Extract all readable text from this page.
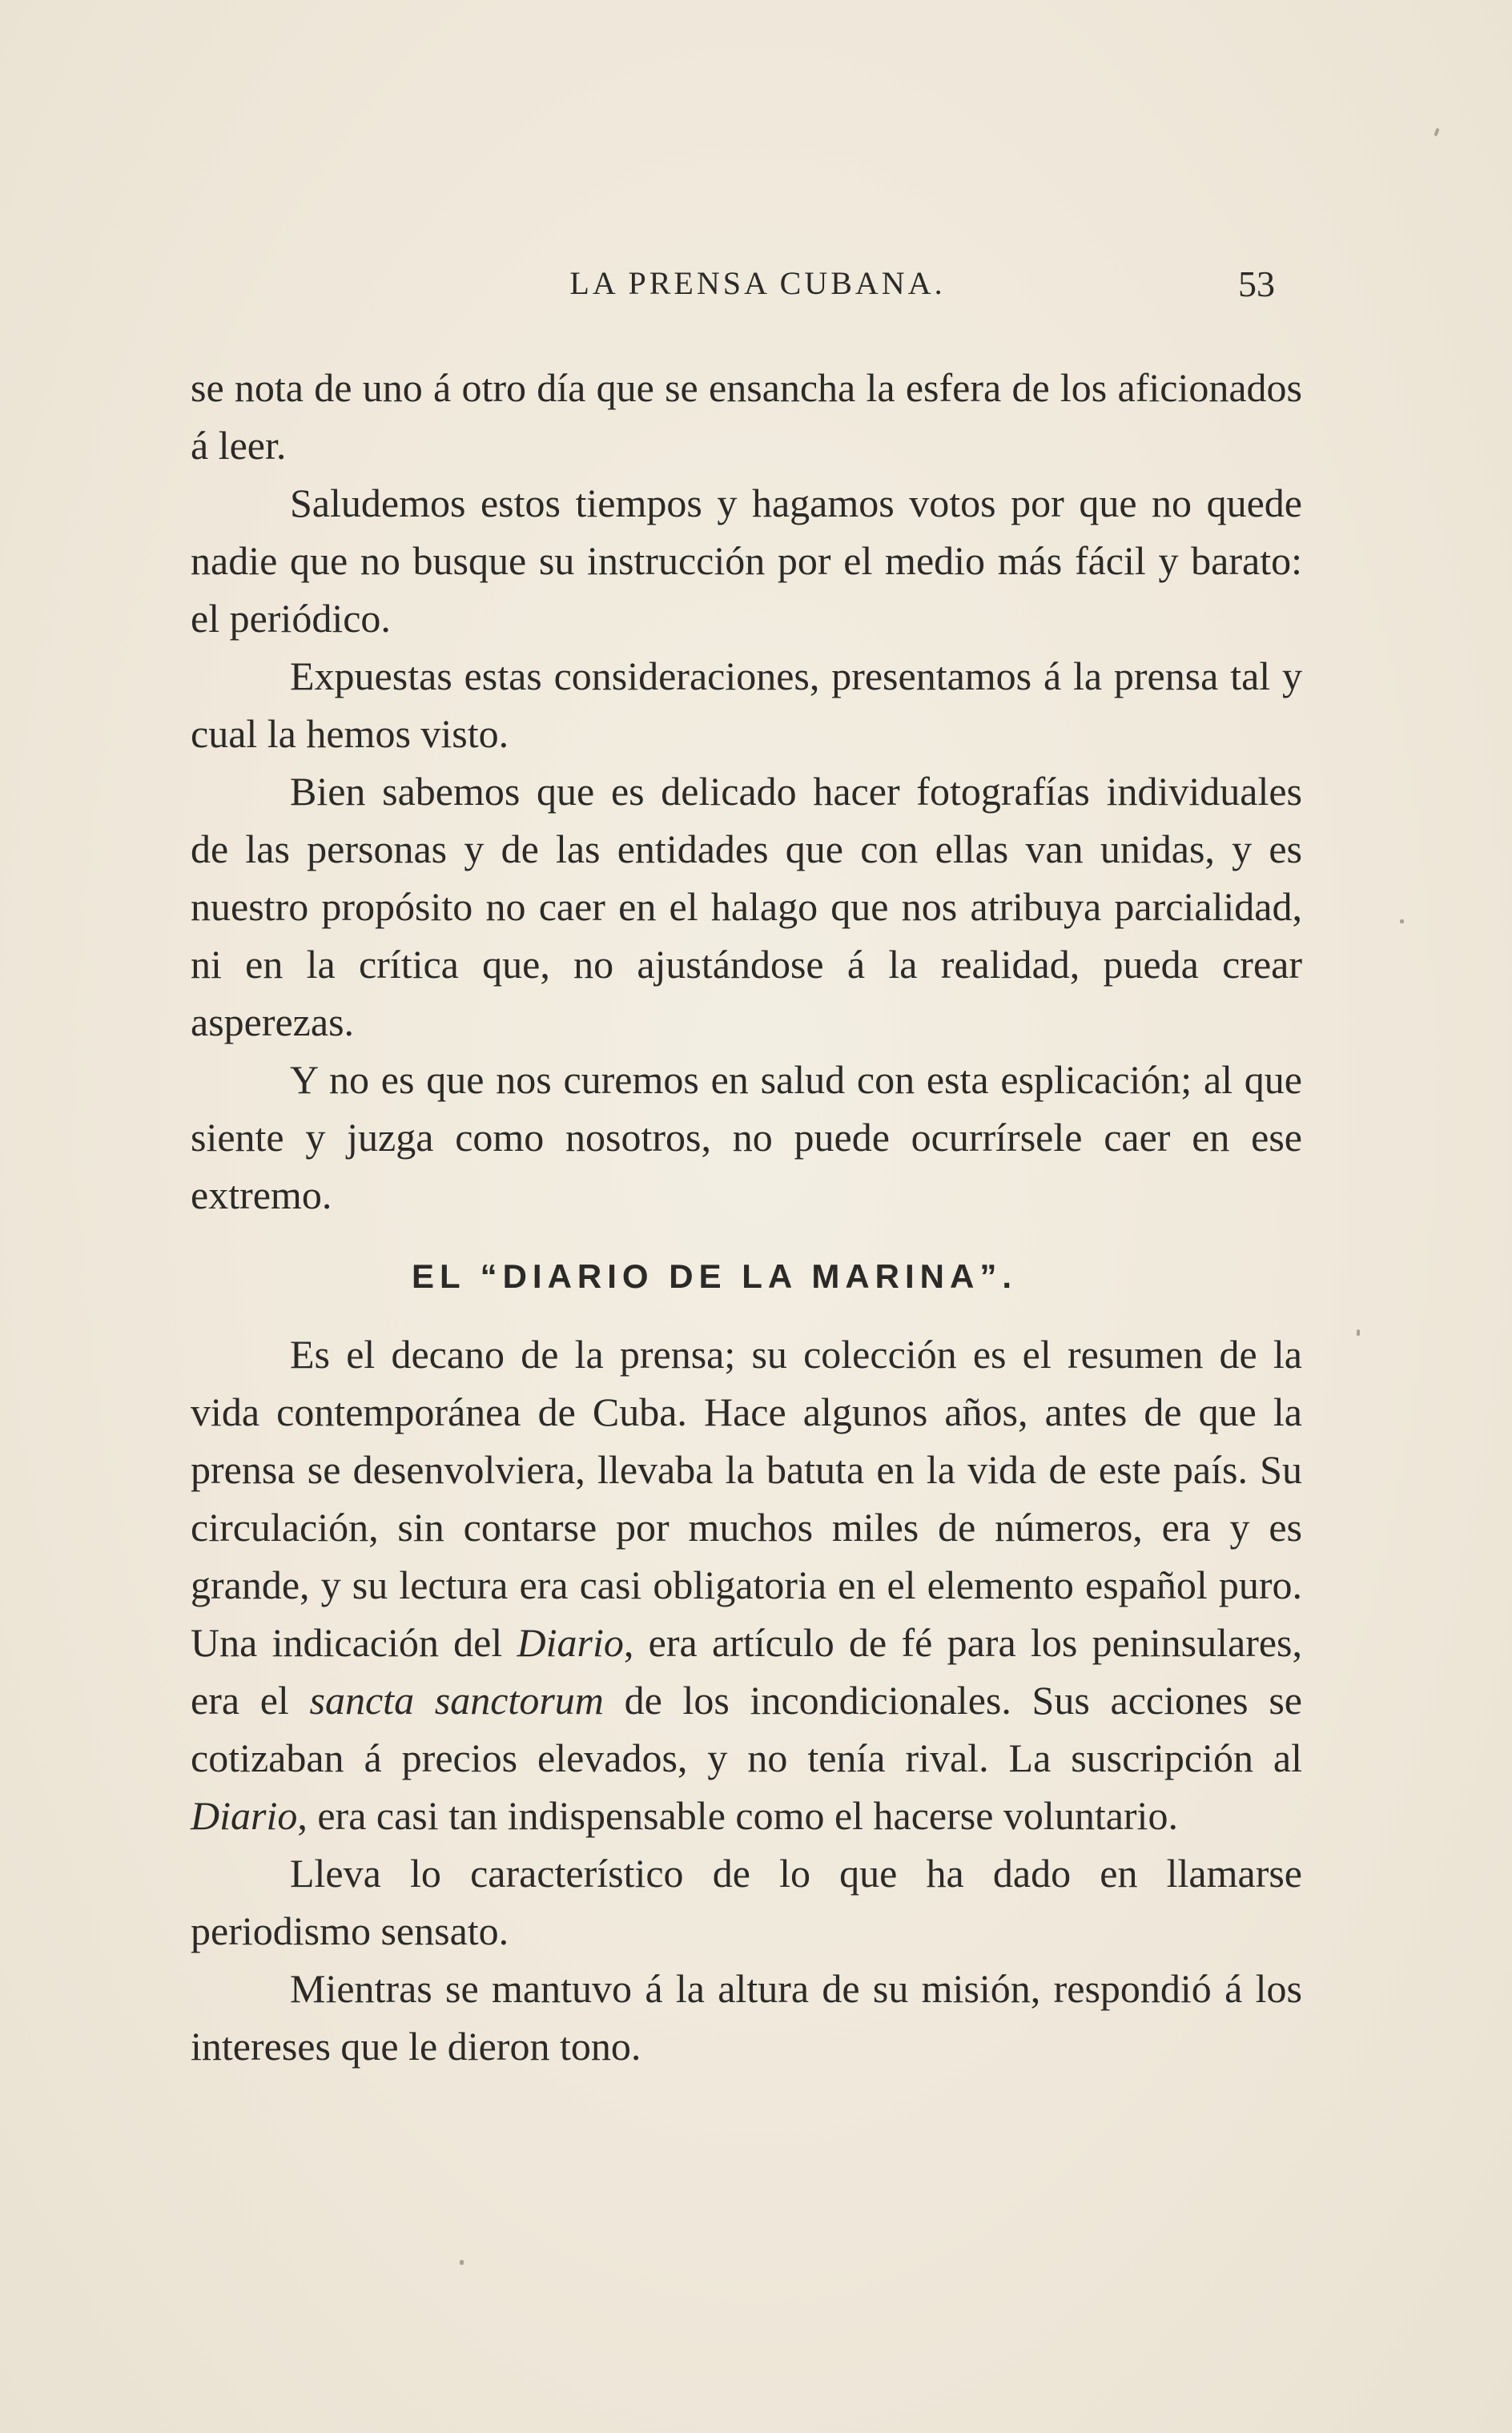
LA PRENSA CUBANA.	53

se nota de uno á otro día que se ensancha la esfera de los aficionados á leer.

Saludemos estos tiempos y hagamos votos por que no quede nadie que no busque su instrucción por el medio más fácil y barato: el periódico.

Expuestas estas consideraciones, presentamos á la prensa tal y cual la hemos visto.

Bien sabemos que es delicado hacer fotografías individuales de las personas y de las entidades que con ellas van unidas, y es nuestro propósito no caer en el halago que nos atribuya parcialidad, ni en la crítica que, no ajustándose á la realidad, pueda crear asperezas.

Y no es que nos curemos en salud con esta esplicación; al que siente y juzga como nosotros, no puede ocurrírsele caer en ese extremo.

EL “DIARIO DE LA MARINA”.

Es el decano de la prensa; su colección es el resumen de la vida contemporánea de Cuba. Hace algunos años, antes de que la prensa se desenvolviera, llevaba la batuta en la vida de este país. Su circulación, sin contarse por muchos miles de números, era y es grande, y su lectura era casi obligatoria en el elemento español puro. Una indicación del Diario, era artículo de fé para los peninsulares, era el sancta sanctorum de los incondicionales. Sus acciones se cotizaban á precios elevados, y no tenía rival. La suscripción al Diario, era casi tan indispensable como el hacerse voluntario.

Lleva lo característico de lo que ha dado en llamarse periodismo sensato.

Mientras se mantuvo á la altura de su misión, respondió á los intereses que le dieron tono.
